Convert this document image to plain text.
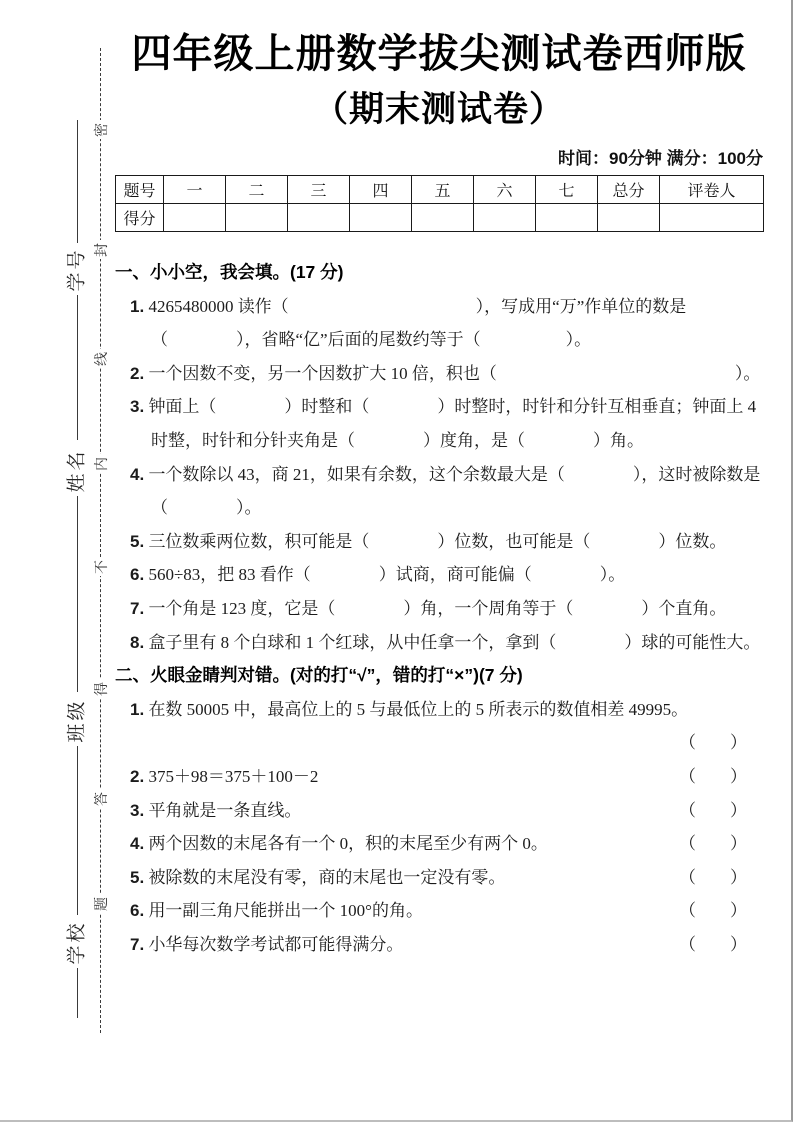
学号
姓名
班级
学校
密
封
线
内
不
得
答
题
四年级上册数学拔尖测试卷西师版
（期末测试卷）
时间：90分钟 满分：100分
题号	一	二	三	四	五	六	七	总分	评卷人
得分									
一、小小空，我会填。(17 分)
1. 4265480000 读作（　　　　　　　　　　　），写成用“万”作单位的数是（　　　　），省略“亿”后面的尾数约等于（　　　　　）。
2. 一个因数不变，另一个因数扩大 10 倍，积也（　　　　　　　　　　　　　　）。
3. 钟面上（　　　　）时整和（　　　　）时整时，时针和分针互相垂直；钟面上 4 时整，时针和分针夹角是（　　　　）度角，是（　　　　）角。
4. 一个数除以 43，商 21，如果有余数，这个余数最大是（　　　　），这时被除数是（　　　　）。
5. 三位数乘两位数，积可能是（　　　　）位数，也可能是（　　　　）位数。
6. 560÷83，把 83 看作（　　　　）试商，商可能偏（　　　　）。
7. 一个角是 123 度，它是（　　　　）角，一个周角等于（　　　　）个直角。
8. 盒子里有 8 个白球和 1 个红球，从中任拿一个，拿到（　　　　）球的可能性大。
二、火眼金睛判对错。(对的打“√”，错的打“×”)(7 分)
1. 在数 50005 中，最高位上的 5 与最低位上的 5 所表示的数值相差 49995。
（　　）
2. 375＋98＝375＋100－2	（　　）
3. 平角就是一条直线。	（　　）
4. 两个因数的末尾各有一个 0，积的末尾至少有两个 0。	（　　）
5. 被除数的末尾没有零，商的末尾也一定没有零。	（　　）
6. 用一副三角尺能拼出一个 100°的角。	（　　）
7. 小华每次数学考试都可能得满分。	（　　）
